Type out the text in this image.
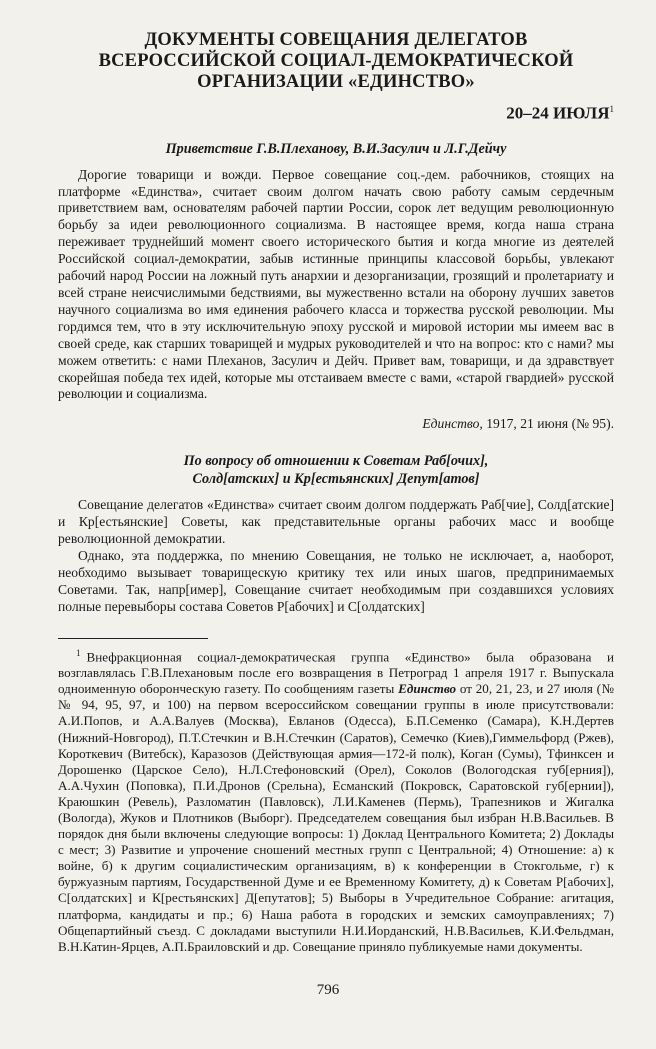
ДОКУМЕНТЫ СОВЕЩАНИЯ ДЕЛЕГАТОВ
ВСЕРОССИЙСКОЙ СОЦИАЛ-ДЕМОКРАТИЧЕСКОЙ
ОРГАНИЗАЦИИ «ЕДИНСТВО»
20–24 ИЮЛЯ$^1$
Приветствие Г.В.Плеханову, В.И.Засулич и Л.Г.Дейчу

Дорогие товарищи и вожди. Первое совещание соц.-дем. рабочников, стоящих на платформе «Единства», считает своим долгом начать свою работу самым сердечным приветствием вам, основателям рабочей партии России, сорок лет ведущим революционную борьбу за идеи революционного социализма. В настоящее время, когда наша страна переживает труднейший момент своего исторического бытия и когда многие из деятелей Российской социал-демократии, забыв истинные принципы классовой борьбы, увлекают рабочий народ России на ложный путь анархии и дезорганизации, грозящий и пролетариату и всей стране неисчислимыми бедствиями, вы мужественно встали на оборону лучших заветов научного социализма во имя единения рабочего класса и торжества русской революции. Мы гордимся тем, что в эту исключительную эпоху русской и мировой истории мы имеем вас в своей среде, как старших товарищей и мудрых руководителей и что на вопрос: кто с нами? мы можем ответить: с нами Плеханов, Засулич и Дейч. Привет вам, товарищи, и да здравствует скорейшая победа тех идей, которые мы отстаиваем вместе с вами, «старой гвардией» русской революции и социализма.

Единство, 1917, 21 июня (№ 95).
По вопросу об отношении к Советам Раб[очих],
Солд[атских] и Кр[естьянских] Депут[атов]

Совещание делегатов «Единства» считает своим долгом поддержать Раб[чие], Солд[атские] и Кр[естьянские] Советы, как представительные органы рабочих масс и вообще революционной демократии.

Однако, эта поддержка, по мнению Совещания, не только не исключает, а, наоборот, необходимо вызывает товарищескую критику тех или иных шагов, предпринимаемых Советами. Так, напр[имер], Совещание считает необходимым при создавшихся условиях полные перевыборы состава Советов Р[абочих] и С[олдатских]

$^1$ Внефракционная социал-демократическая группа «Единство» была образована и возглавлялась Г.В.Плехановым после его возвращения в Петроград 1 апреля 1917 г. Выпускала одноименную оборонческую газету. По сообщениям газеты Единство от 20, 21, 23, и 27 июля (№№ 94, 95, 97, и 100) на первом всероссийском совещании группы в июле присутствовали: А.И.Попов, и А.А.Валуев (Москва), Евланов (Одесса), Б.П.Семенко (Самара), К.Н.Дертев (Нижний-Новгород), П.Т.Стечкин и В.Н.Стечкин (Саратов), Семечко (Киев),Гиммельфорд (Ржев), Короткевич (Витебск), Каразозов (Действующая армия—172-й полк), Коган (Сумы), Тфинксен и Дорошенко (Царское Село), Н.Л.Стефоновский (Орел), Соколов (Вологодская губ[ерния]), А.А.Чухин (Поповка), П.И.Дронов (Срельна), Есманский (Покровск, Саратовской губ[ернии]), Краюшкин (Ревель), Разломатин (Павловск), Л.И.Каменев (Пермь), Трапезников и Жигалка (Вологда), Жуков и Плотников (Выборг). Председателем совещания был избран Н.В.Васильев. В порядок дня были включены следующие вопросы: 1) Доклад Центрального Комитета; 2) Доклады с мест; 3) Развитие и упрочение сношений местных групп с Центральной; 4) Отношение: а) к войне, б) к другим социалистическим организациям, в) к конференции в Стокгольме, г) к буржуазным партиям, Государственной Думе и ее Временному Комитету, д) к Советам Р[абочих], С[олдатских] и К[рестьянских] Д[епутатов]; 5) Выборы в Учредительное Собрание: агитация, платформа, кандидаты и пр.; 6) Наша работа в городских и земских самоуправлениях; 7) Общепартийный съезд. С докладами выступили Н.И.Иорданский, Н.В.Васильев, К.И.Фельдман, В.Н.Катин-Ярцев, А.П.Браиловский и др. Совещание приняло публикуемые нами документы.

796
